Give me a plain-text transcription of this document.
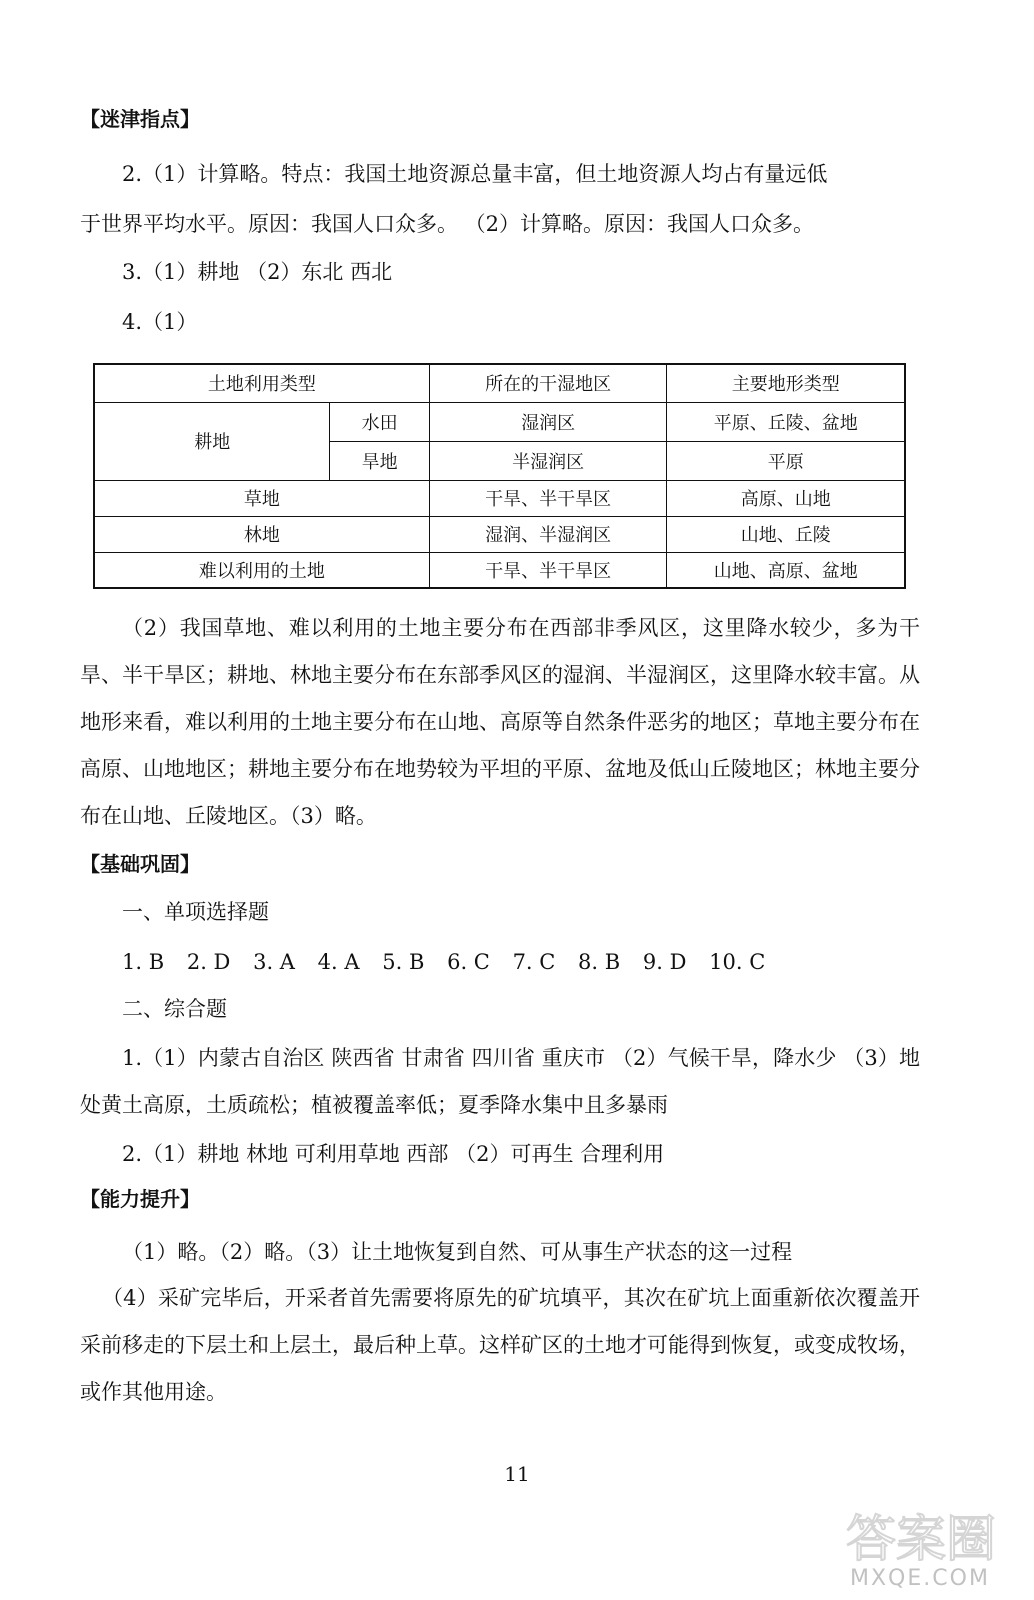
【迷津指点】
2.（1）计算略。特点：我国土地资源总量丰富，但土地资源人均占有量远低
于世界平均水平。原因：我国人口众多。 （2）计算略。原因：我国人口众多。
3.（1）耕地 （2）东北 西北
4.（1）
土地利用类型		所在的干湿地区	主要地形类型
耕地	水田	湿润区	平原、丘陵、盆地
	旱地	半湿润区	平原
草地		干旱、半干旱区	高原、山地
林地		湿润、半湿润区	山地、丘陵
难以利用的土地		干旱、半干旱区	山地、高原、盆地
（2）我国草地、难以利用的土地主要分布在西部非季风区，这里降水较少，多为干旱、半干旱区；耕地、林地主要分布在东部季风区的湿润、半湿润区，这里降水较丰富。从地形来看，难以利用的土地主要分布在山地、高原等自然条件恶劣的地区；草地主要分布在高原、山地地区；耕地主要分布在地势较为平坦的平原、盆地及低山丘陵地区；林地主要分布在山地、丘陵地区。（3）略。
【基础巩固】
一、单项选择题
1. B 2. D 3. A 4. A 5. B 6. C 7. C 8. B 9. D 10. C
二、综合题
1.（1）内蒙古自治区 陕西省 甘肃省 四川省 重庆市 （2）气候干旱，降水少 （3）地处黄土高原，土质疏松；植被覆盖率低；夏季降水集中且多暴雨
2.（1）耕地 林地 可利用草地 西部 （2）可再生 合理利用
【能力提升】
（1）略。（2）略。（3）让土地恢复到自然、可从事生产状态的这一过程
（4）采矿完毕后，开采者首先需要将原先的矿坑填平，其次在矿坑上面重新依次覆盖开采前移走的下层土和上层土，最后种上草。这样矿区的土地才可能得到恢复，或变成牧场，或作其他用途。
11
答案圈
MXQE.COM
